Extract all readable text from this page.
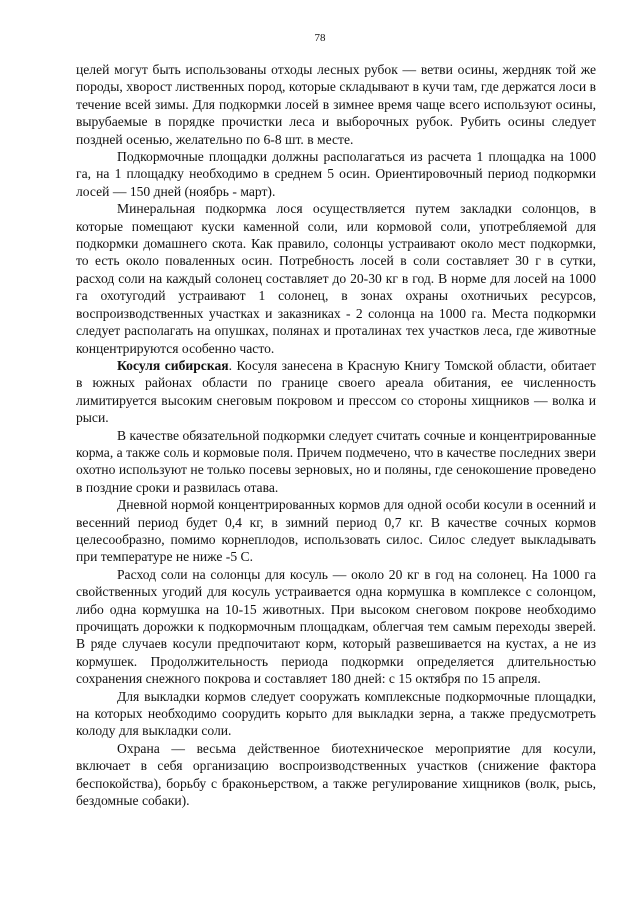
78

целей могут быть использованы отходы лесных рубок — ветви осины, жердняк той же породы, хворост лиственных пород, которые складывают в кучи там, где держатся лоси в течение всей зимы. Для подкормки лосей в зимнее время чаще всего используют осины, вырубаемые в порядке прочистки леса и выборочных рубок. Рубить осины следует поздней осенью, желательно по 6-8 шт. в месте.

Подкормочные площадки должны располагаться из расчета 1 площадка на 1000 га, на 1 площадку необходимо в среднем 5 осин. Ориентировочный период подкормки лосей — 150 дней (ноябрь - март).

Минеральная подкормка лося осуществляется путем закладки солонцов, в которые помещают куски каменной соли, или кормовой соли, употребляемой для подкормки домашнего скота. Как правило, солонцы устраивают около мест подкормки, то есть около поваленных осин. Потребность лосей в соли составляет 30 г в сутки, расход соли на каждый солонец составляет до 20-30 кг в год. В норме для лосей на 1000 га охотугодий устраивают 1 солонец, в зонах охраны охотничьих ресурсов, воспроизводственных участках и заказниках - 2 солонца на 1000 га. Места подкормки следует располагать на опушках, полянах и проталинах тех участков леса, где животные концентрируются особенно часто.

Косуля сибирская. Косуля занесена в Красную Книгу Томской области, обитает в южных районах области по границе своего ареала обитания, ее численность лимитируется высоким снеговым покровом и прессом со стороны хищников — волка и рыси.

В качестве обязательной подкормки следует считать сочные и концентрированные корма, а также соль и кормовые поля. Причем подмечено, что в качестве последних звери охотно используют не только посевы зерновых, но и поляны, где сенокошение проведено в поздние сроки и развилась отава.

Дневной нормой концентрированных кормов для одной особи косули в осенний и весенний период будет 0,4 кг, в зимний период 0,7 кг. В качестве сочных кормов целесообразно, помимо корнеплодов, использовать силос. Силос следует выкладывать при температуре не ниже -5 С.

Расход соли на солонцы для косуль — около 20 кг в год на солонец. На 1000 га свойственных угодий для косуль устраивается одна кормушка в комплексе с солонцом, либо одна кормушка на 10-15 животных. При высоком снеговом покрове необходимо прочищать дорожки к подкормочным площадкам, облегчая тем самым переходы зверей. В ряде случаев косули предпочитают корм, который развешивается на кустах, а не из кормушек. Продолжительность периода подкормки определяется длительностью сохранения снежного покрова и составляет 180 дней: с 15 октября по 15 апреля.

Для выкладки кормов следует сооружать комплексные подкормочные площадки, на которых необходимо соорудить корыто для выкладки зерна, а также предусмотреть колоду для выкладки соли.

Охрана — весьма действенное биотехническое мероприятие для косули, включает в себя организацию воспроизводственных участков (снижение фактора беспокойства), борьбу с браконьерством, а также регулирование хищников (волк, рысь, бездомные собаки).
